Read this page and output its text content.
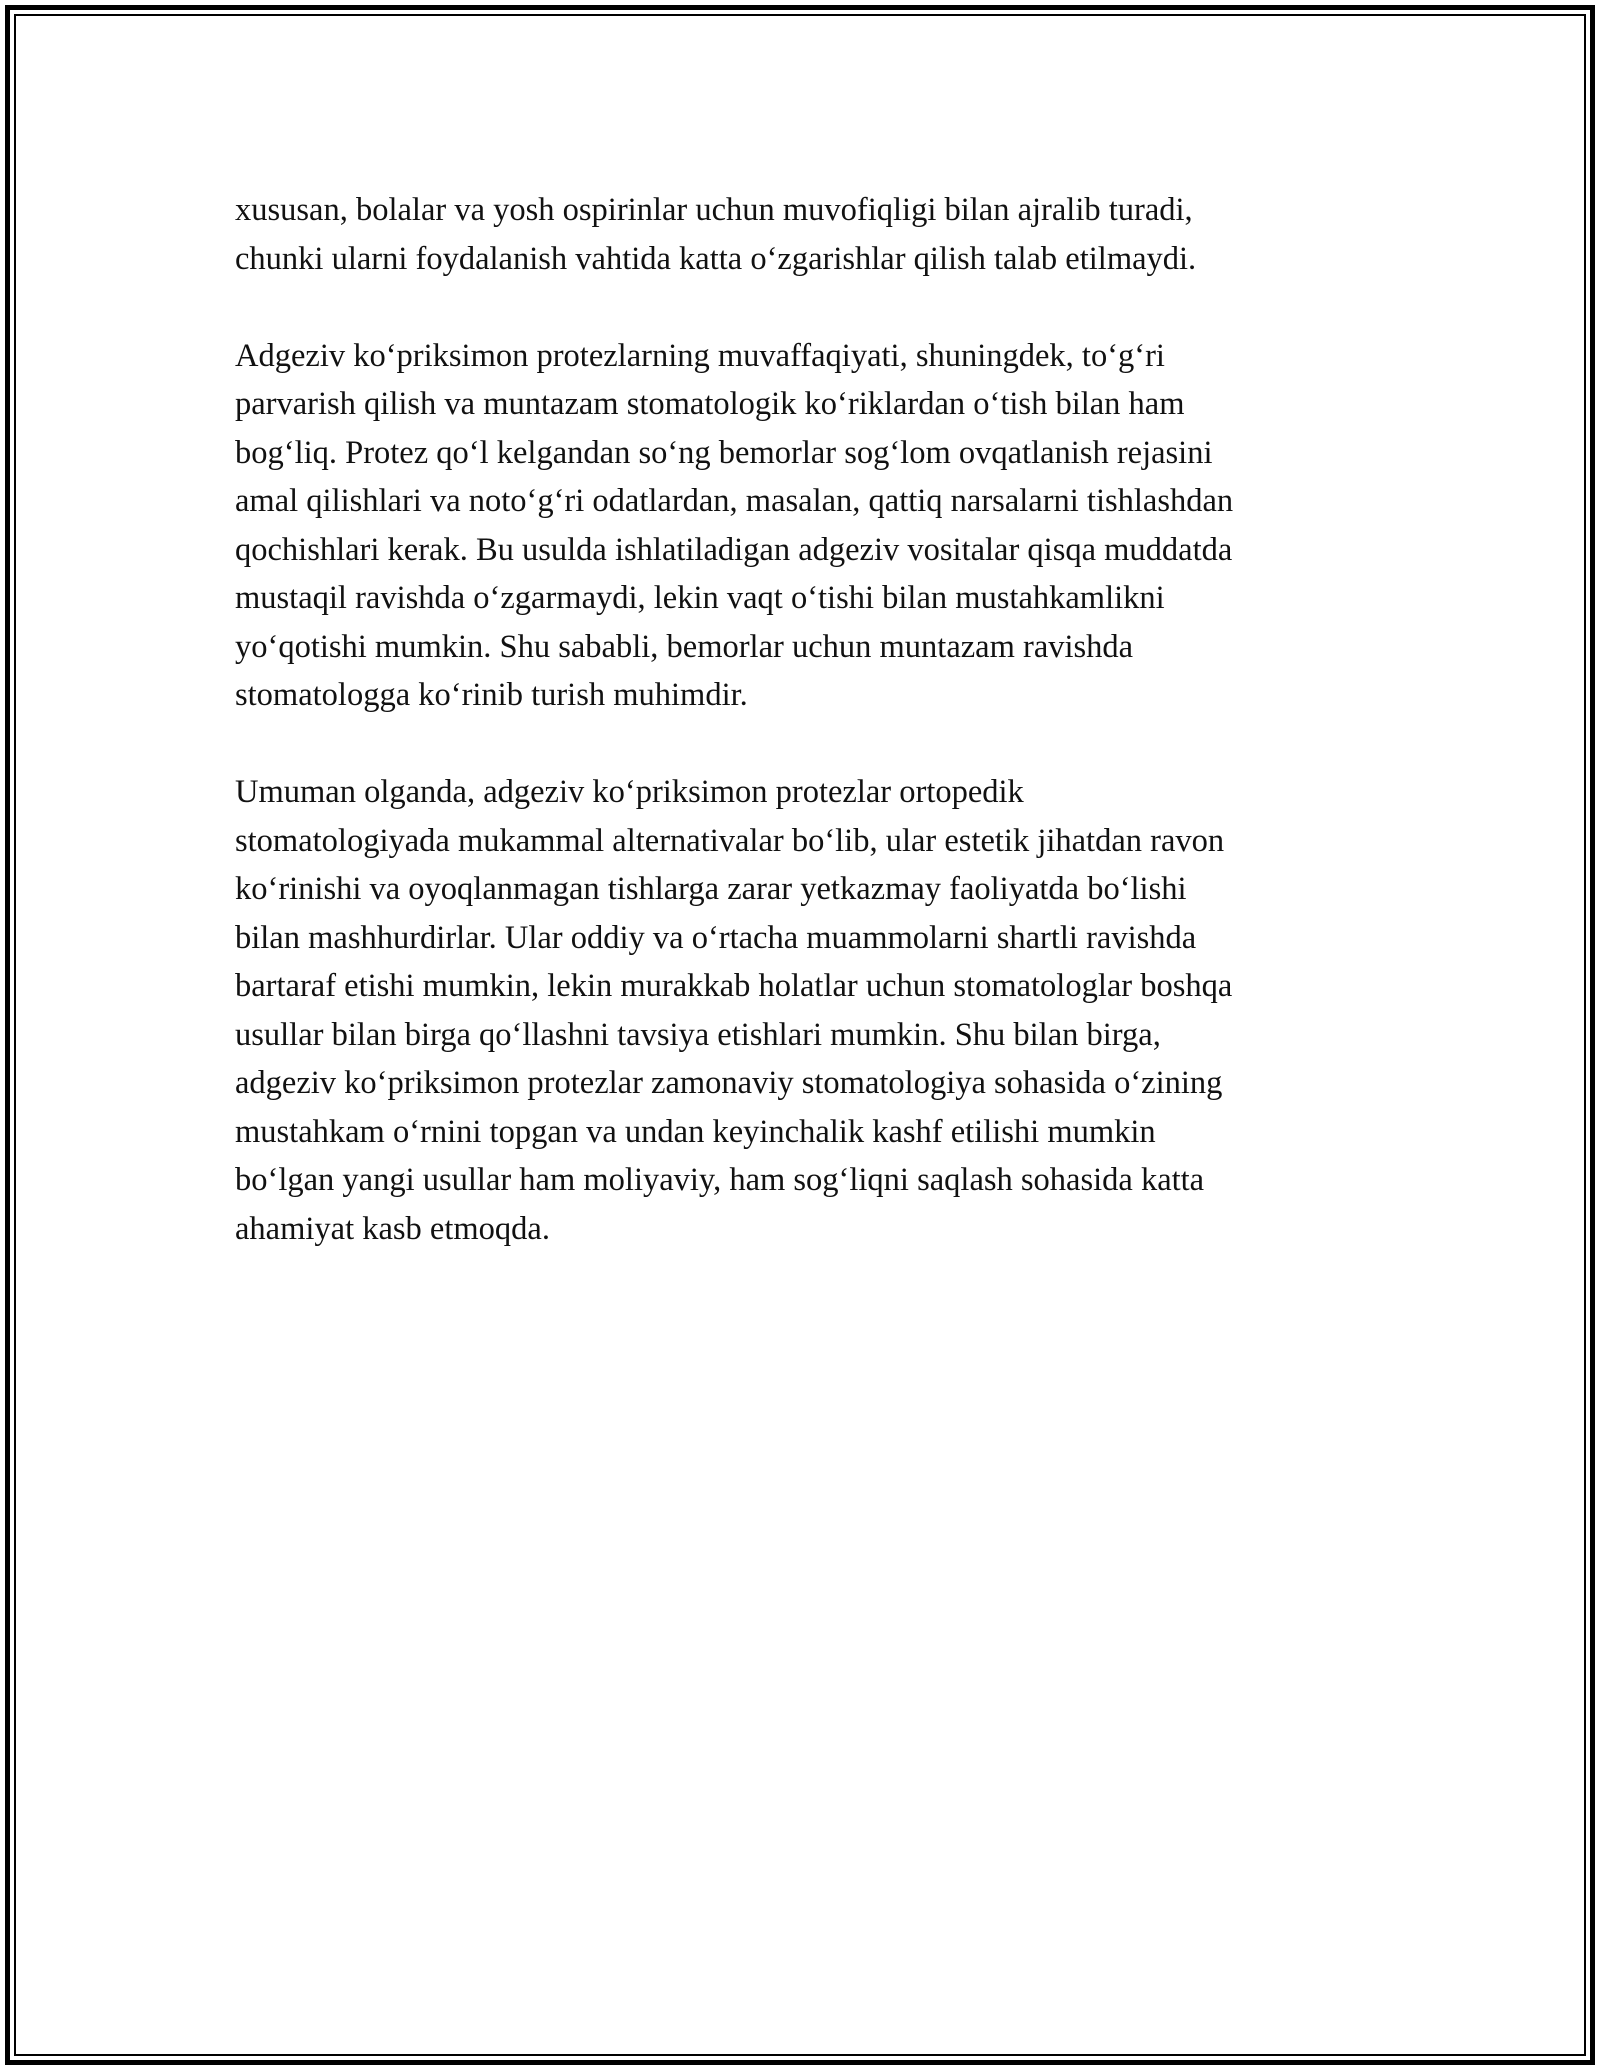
xususan, bolalar va yosh ospirinlar uchun muvofiqligi bilan ajralib turadi,
chunki ularni foydalanish vahtida katta o‘zgarishlar qilish talab etilmaydi.

Adgeziv ko‘priksimon protezlarning muvaffaqiyati, shuningdek, to‘g‘ri
parvarish qilish va muntazam stomatologik ko‘riklardan o‘tish bilan ham
bog‘liq. Protez qo‘l kelgandan so‘ng bemorlar sog‘lom ovqatlanish rejasini
amal qilishlari va noto‘g‘ri odatlardan, masalan, qattiq narsalarni tishlashdan
qochishlari kerak. Bu usulda ishlatiladigan adgeziv vositalar qisqa muddatda
mustaqil ravishda o‘zgarmaydi, lekin vaqt o‘tishi bilan mustahkamlikni
yo‘qotishi mumkin. Shu sababli, bemorlar uchun muntazam ravishda
stomatologga ko‘rinib turish muhimdir.

Umuman olganda, adgeziv ko‘priksimon protezlar ortopedik
stomatologiyada mukammal alternativalar bo‘lib, ular estetik jihatdan ravon
ko‘rinishi va oyoqlanmagan tishlarga zarar yetkazmay faoliyatda bo‘lishi
bilan mashhurdirlar. Ular oddiy va o‘rtacha muammolarni shartli ravishda
bartaraf etishi mumkin, lekin murakkab holatlar uchun stomatologlar boshqa
usullar bilan birga qo‘llashni tavsiya etishlari mumkin. Shu bilan birga,
adgeziv ko‘priksimon protezlar zamonaviy stomatologiya sohasida o‘zining
mustahkam o‘rnini topgan va undan keyinchalik kashf etilishi mumkin
bo‘lgan yangi usullar ham moliyaviy, ham sog‘liqni saqlash sohasida katta
ahamiyat kasb etmoqda.
